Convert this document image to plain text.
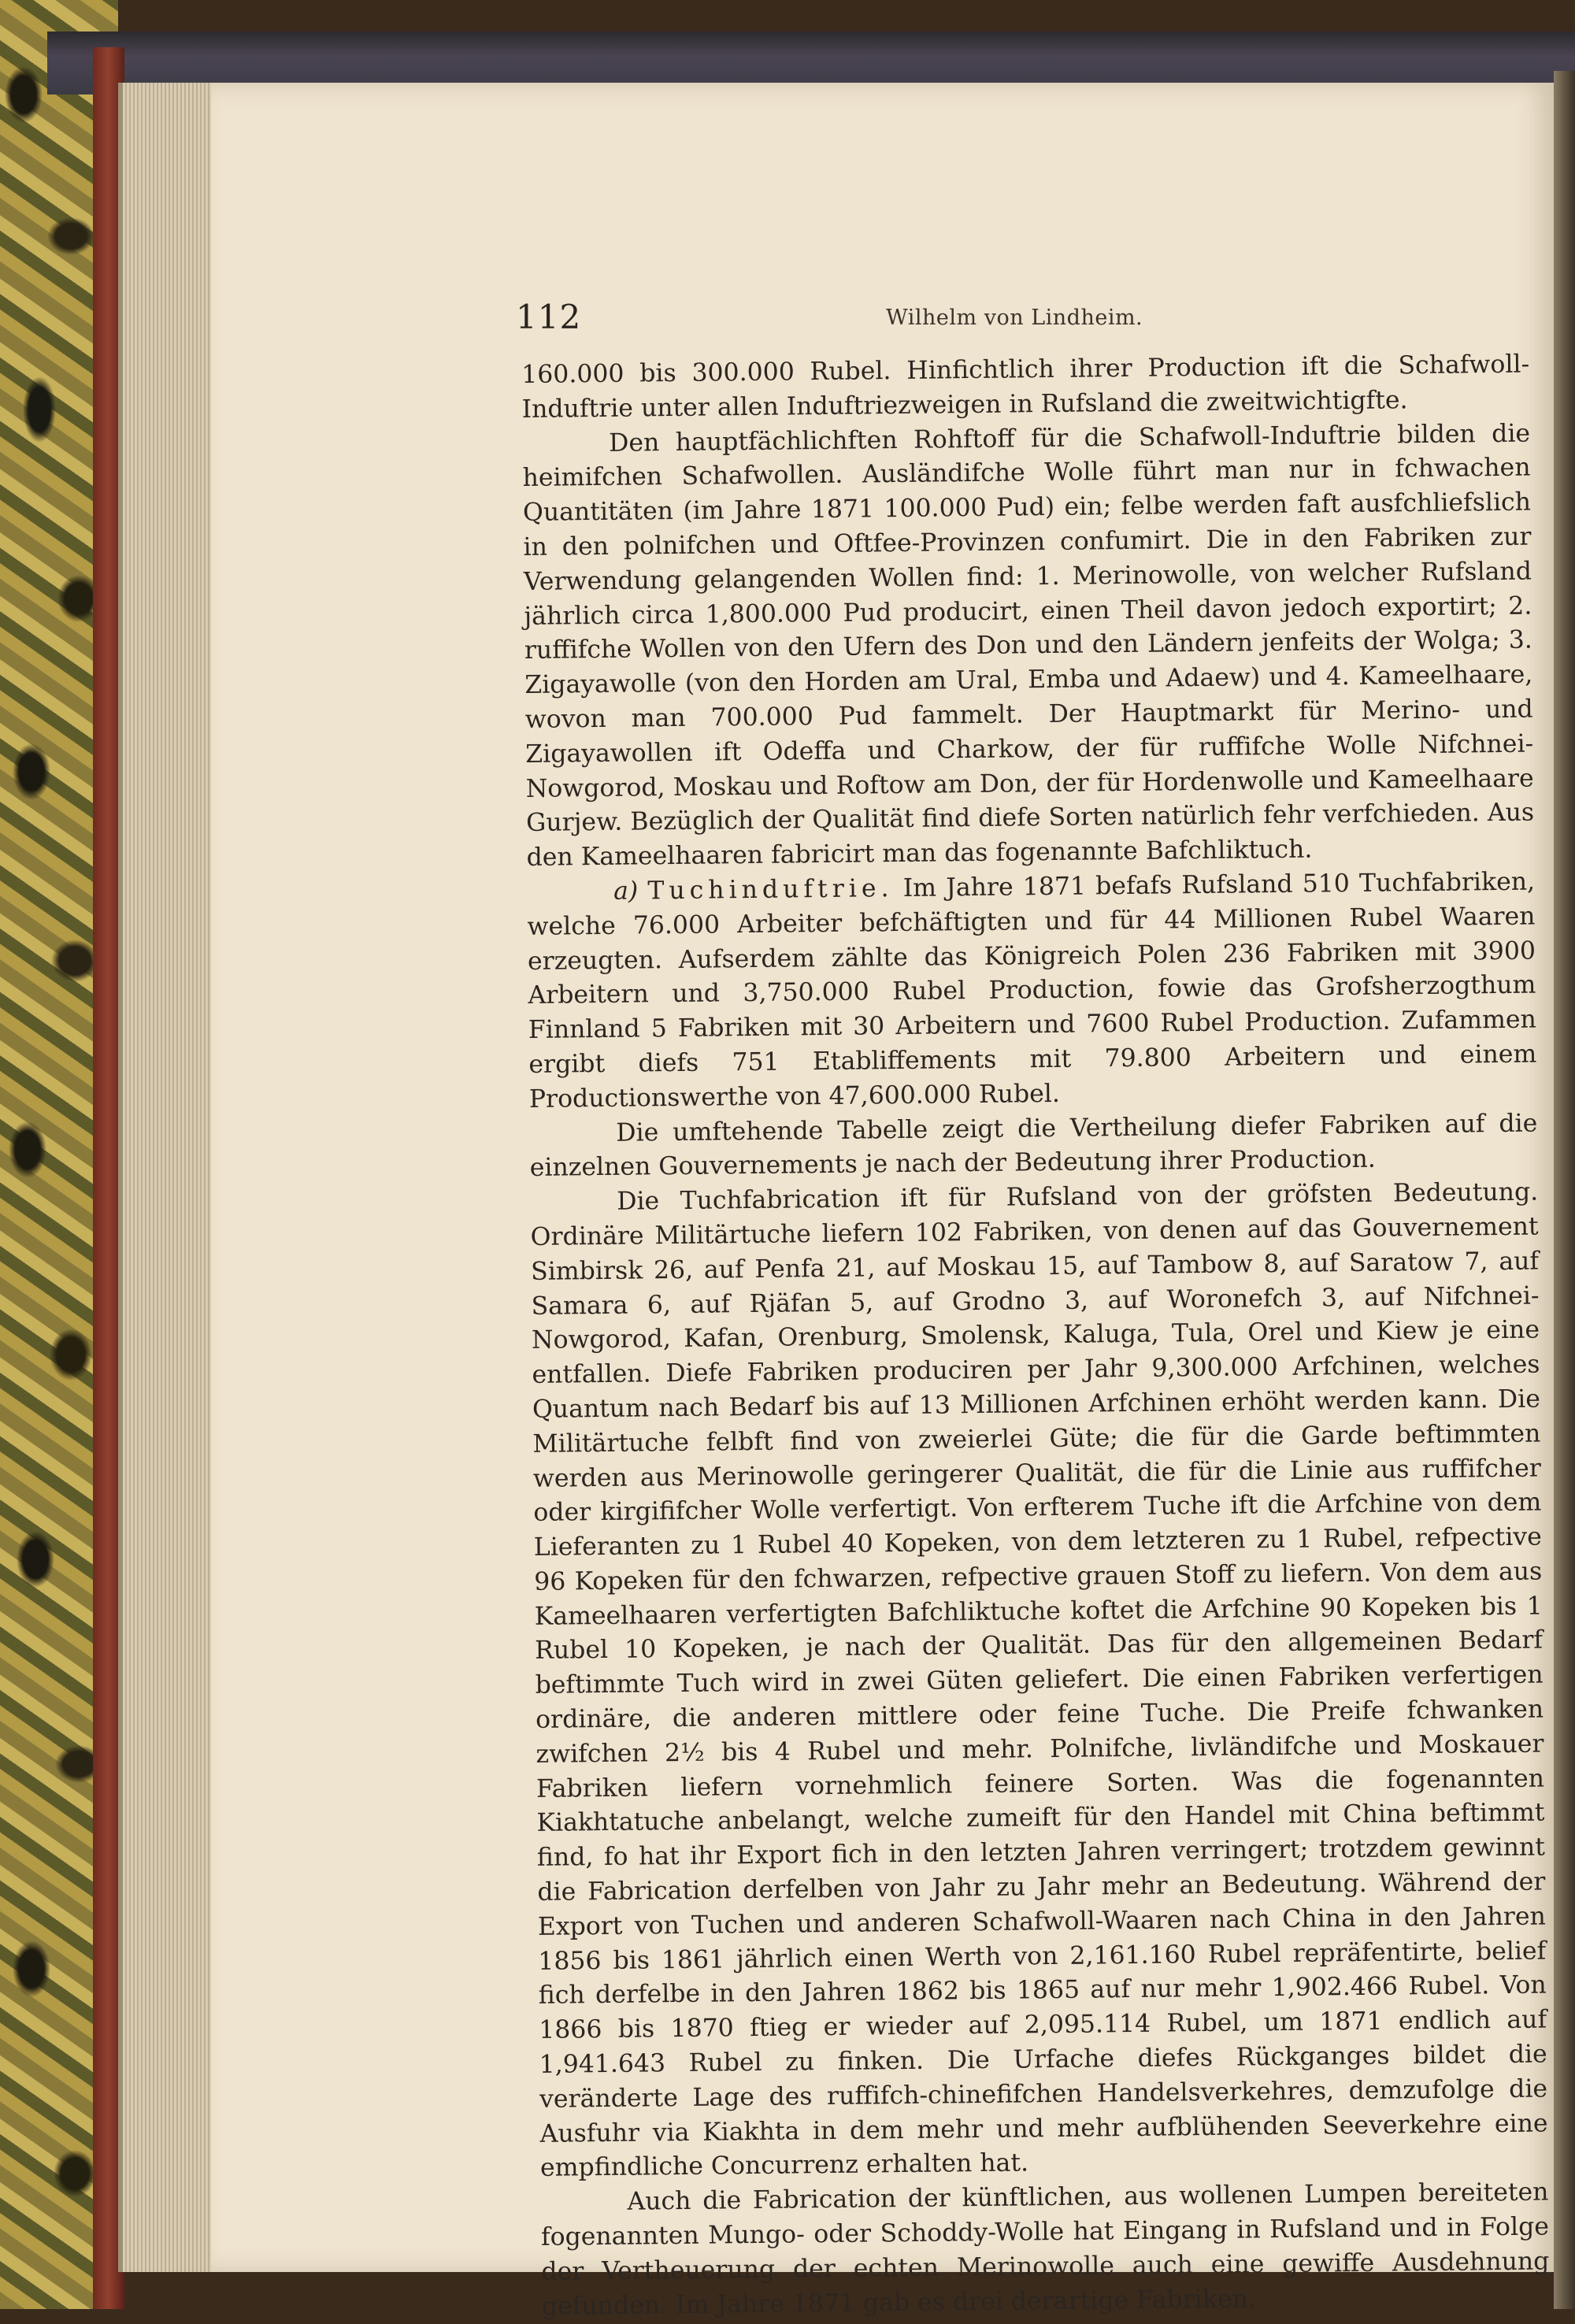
112	Wilhelm von Lindheim.

160.000 bis 300.000 Rubel. Hinfichtlich ihrer Production ift die Schafwoll-Induftrie unter allen Induftriezweigen in Rufsland die zweitwichtigfte.

Den hauptfächlichften Rohftoff für die Schafwoll-Induftrie bilden die heimifchen Schafwollen. Ausländifche Wolle führt man nur in fchwachen Quantitäten (im Jahre 1871 100.000 Pud) ein; felbe werden faft ausfchliefslich in den polnifchen und Oftfee-Provinzen confumirt. Die in den Fabriken zur Verwendung gelangenden Wollen find: 1. Merinowolle, von welcher Rufsland jährlich circa 1,800.000 Pud producirt, einen Theil davon jedoch exportirt; 2. ruffifche Wollen von den Ufern des Don und den Ländern jenfeits der Wolga; 3. Zigayawolle (von den Horden am Ural, Emba und Adaew) und 4. Kameelhaare, wovon man 700.000 Pud fammelt. Der Hauptmarkt für Merino- und Zigayawollen ift Odeffa und Charkow, der für ruffifche Wolle Nifchnei-Nowgorod, Moskau und Roftow am Don, der für Hordenwolle und Kameelhaare Gurjew. Bezüglich der Qualität find diefe Sorten natürlich fehr verfchieden. Aus den Kameelhaaren fabricirt man das fogenannte Bafchliktuch.

a) Tuchinduftrie. Im Jahre 1871 befafs Rufsland 510 Tuchfabriken, welche 76.000 Arbeiter befchäftigten und für 44 Millionen Rubel Waaren erzeugten. Aufserdem zählte das Königreich Polen 236 Fabriken mit 3900 Arbeitern und 3,750.000 Rubel Production, fowie das Grofsherzogthum Finnland 5 Fabriken mit 30 Arbeitern und 7600 Rubel Production. Zufammen ergibt diefs 751 Etabliffements mit 79.800 Arbeitern und einem Productionswerthe von 47,600.000 Rubel.

Die umftehende Tabelle zeigt die Vertheilung diefer Fabriken auf die einzelnen Gouvernements je nach der Bedeutung ihrer Production.

Die Tuchfabrication ift für Rufsland von der gröfsten Bedeutung. Ordinäre Militärtuche liefern 102 Fabriken, von denen auf das Gouvernement Simbirsk 26, auf Penfa 21, auf Moskau 15, auf Tambow 8, auf Saratow 7, auf Samara 6, auf Rjäfan 5, auf Grodno 3, auf Woronefch 3, auf Nifchnei-Nowgorod, Kafan, Orenburg, Smolensk, Kaluga, Tula, Orel und Kiew je eine entfallen. Diefe Fabriken produciren per Jahr 9,300.000 Arfchinen, welches Quantum nach Bedarf bis auf 13 Millionen Arfchinen erhöht werden kann. Die Militärtuche felbft find von zweierlei Güte; die für die Garde beftimmten werden aus Merinowolle geringerer Qualität, die für die Linie aus ruffifcher oder kirgififcher Wolle verfertigt. Von erfterem Tuche ift die Arfchine von dem Lieferanten zu 1 Rubel 40 Kopeken, von dem letzteren zu 1 Rubel, refpective 96 Kopeken für den fchwarzen, refpective grauen Stoff zu liefern. Von dem aus Kameelhaaren verfertigten Bafchliktuche koftet die Arfchine 90 Kopeken bis 1 Rubel 10 Kopeken, je nach der Qualität. Das für den allgemeinen Bedarf beftimmte Tuch wird in zwei Güten geliefert. Die einen Fabriken verfertigen ordinäre, die anderen mittlere oder feine Tuche. Die Preife fchwanken zwifchen 2½ bis 4 Rubel und mehr. Polnifche, livländifche und Moskauer Fabriken liefern vornehmlich feinere Sorten. Was die fogenannten Kiakhtatuche anbelangt, welche zumeift für den Handel mit China beftimmt find, fo hat ihr Export fich in den letzten Jahren verringert; trotzdem gewinnt die Fabrication derfelben von Jahr zu Jahr mehr an Bedeutung. Während der Export von Tuchen und anderen Schafwoll-Waaren nach China in den Jahren 1856 bis 1861 jährlich einen Werth von 2,161.160 Rubel repräfentirte, belief fich derfelbe in den Jahren 1862 bis 1865 auf nur mehr 1,902.466 Rubel. Von 1866 bis 1870 ftieg er wieder auf 2,095.114 Rubel, um 1871 endlich auf 1,941.643 Rubel zu finken. Die Urfache diefes Rückganges bildet die veränderte Lage des ruffifch-chinefifchen Handelsverkehres, demzufolge die Ausfuhr via Kiakhta in dem mehr und mehr aufblühenden Seeverkehre eine empfindliche Concurrenz erhalten hat.

Auch die Fabrication der künftlichen, aus wollenen Lumpen bereiteten fogenannten Mungo- oder Schoddy-Wolle hat Eingang in Rufsland und in Folge der Vertheuerung der echten Merinowolle auch eine gewiffe Ausdehnung gefunden. Im Jahre 1871 gab es drei derartige Fabriken.
